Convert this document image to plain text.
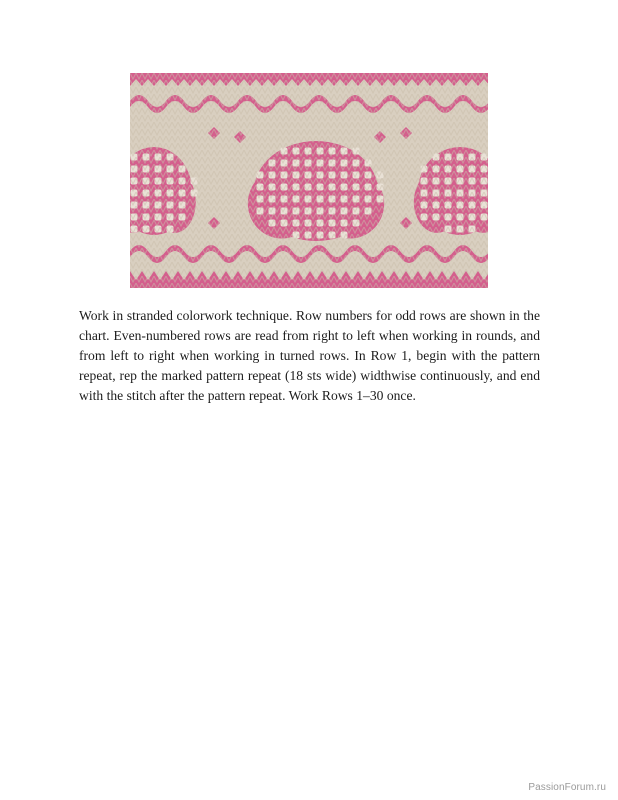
Work in stranded colorwork technique. Row numbers for odd rows are shown in the chart. Even-numbered rows are read from right to left when working in rounds, and from left to right when working in turned rows. In Row 1, begin with the pattern repeat, rep the marked pattern repeat (18 sts wide) widthwise continuously, and end with the stitch after the pattern repeat. Work Rows 1–30 once.

PassionForum.ru
